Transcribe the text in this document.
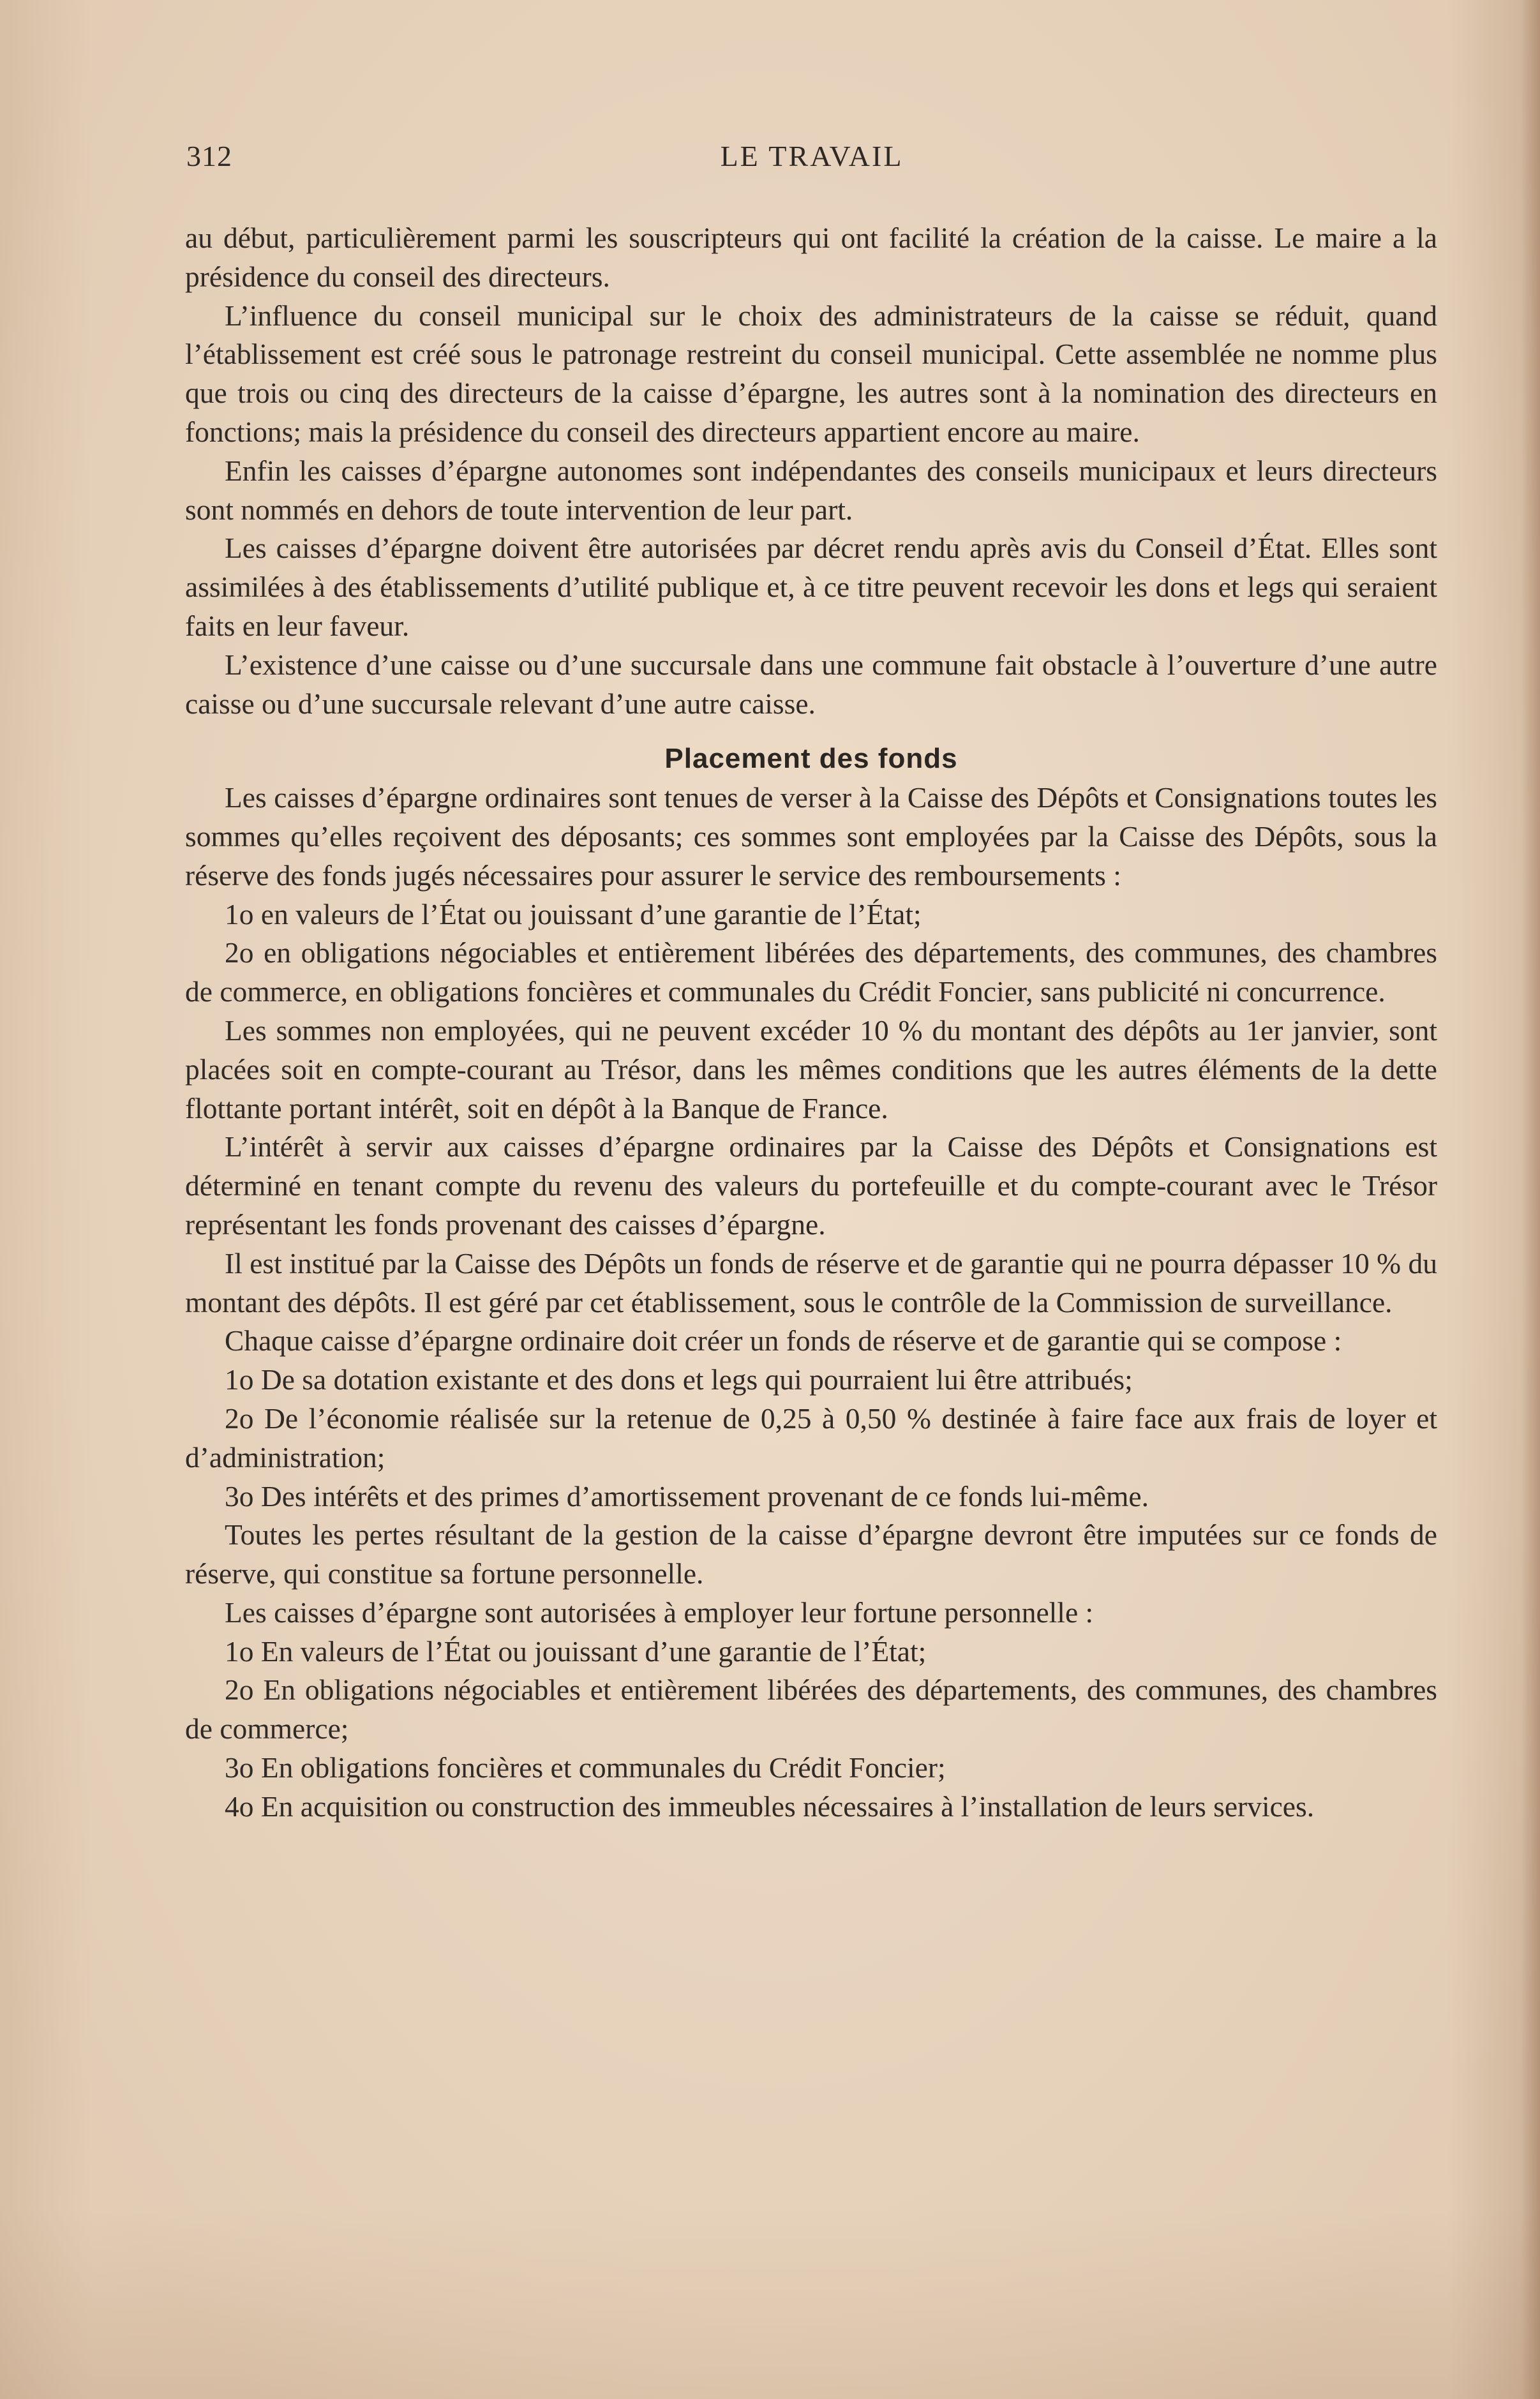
312	LE TRAVAIL

au début, particulièrement parmi les souscripteurs qui ont facilité la création de la caisse. Le maire a la présidence du conseil des directeurs.

L’influence du conseil municipal sur le choix des administrateurs de la caisse se réduit, quand l’établissement est créé sous le patronage restreint du conseil municipal. Cette assemblée ne nomme plus que trois ou cinq des directeurs de la caisse d’épargne, les autres sont à la nomination des directeurs en fonctions; mais la présidence du conseil des directeurs appartient encore au maire.

Enfin les caisses d’épargne autonomes sont indépendantes des conseils municipaux et leurs directeurs sont nommés en dehors de toute intervention de leur part.

Les caisses d’épargne doivent être autorisées par décret rendu après avis du Conseil d’État. Elles sont assimilées à des établissements d’utilité publique et, à ce titre peuvent recevoir les dons et legs qui seraient faits en leur faveur.

L’existence d’une caisse ou d’une succursale dans une commune fait obstacle à l’ouverture d’une autre caisse ou d’une succursale relevant d’une autre caisse.

Placement des fonds

Les caisses d’épargne ordinaires sont tenues de verser à la Caisse des Dépôts et Consignations toutes les sommes qu’elles reçoivent des déposants; ces sommes sont employées par la Caisse des Dépôts, sous la réserve des fonds jugés nécessaires pour assurer le service des remboursements :

1o en valeurs de l’État ou jouissant d’une garantie de l’État;

2o en obligations négociables et entièrement libérées des départements, des communes, des chambres de commerce, en obligations foncières et communales du Crédit Foncier, sans publicité ni concurrence.

Les sommes non employées, qui ne peuvent excéder 10 % du montant des dépôts au 1er janvier, sont placées soit en compte-courant au Trésor, dans les mêmes conditions que les autres éléments de la dette flottante portant intérêt, soit en dépôt à la Banque de France.

L’intérêt à servir aux caisses d’épargne ordinaires par la Caisse des Dépôts et Consignations est déterminé en tenant compte du revenu des valeurs du portefeuille et du compte-courant avec le Trésor représentant les fonds provenant des caisses d’épargne.

Il est institué par la Caisse des Dépôts un fonds de réserve et de garantie qui ne pourra dépasser 10 % du montant des dépôts. Il est géré par cet établissement, sous le contrôle de la Commission de surveillance.

Chaque caisse d’épargne ordinaire doit créer un fonds de réserve et de garantie qui se compose :

1o De sa dotation existante et des dons et legs qui pourraient lui être attribués;

2o De l’économie réalisée sur la retenue de 0,25 à 0,50 % destinée à faire face aux frais de loyer et d’administration;

3o Des intérêts et des primes d’amortissement provenant de ce fonds lui-même.

Toutes les pertes résultant de la gestion de la caisse d’épargne devront être imputées sur ce fonds de réserve, qui constitue sa fortune personnelle.

Les caisses d’épargne sont autorisées à employer leur fortune personnelle :

1o En valeurs de l’État ou jouissant d’une garantie de l’État;

2o En obligations négociables et entièrement libérées des départements, des communes, des chambres de commerce;

3o En obligations foncières et communales du Crédit Foncier;

4o En acquisition ou construction des immeubles nécessaires à l’installation de leurs services.
